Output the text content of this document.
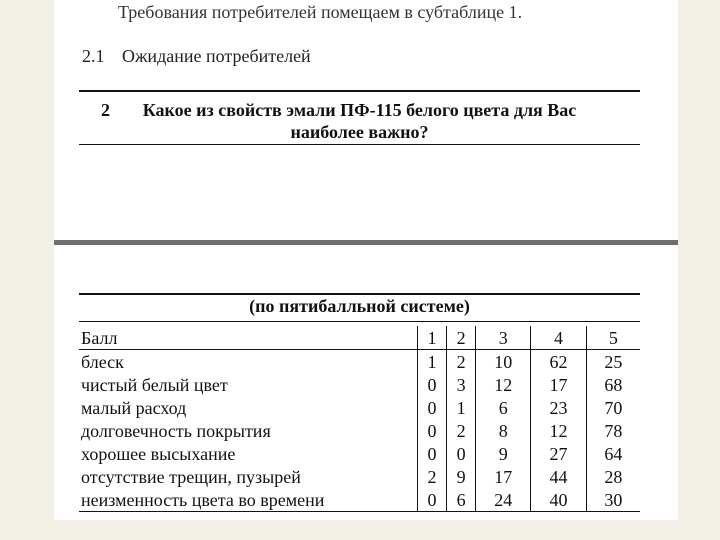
Требования потребителей помещаем в субтаблице 1.
2.1 Ожидание потребителей
2	Какое из свойств эмали ПФ-115 белого цвета для Вас
наиболее важно?
(по пятибалльной системе)
Балл	1	2	3	4	5
блеск	1	2	10	62	25
чистый белый цвет	0	3	12	17	68
малый расход	0	1	6	23	70
долговечность покрытия	0	2	8	12	78
хорошее высыхание	0	0	9	27	64
отсутствие трещин, пузырей	2	9	17	44	28
неизменность цвета во времени	0	6	24	40	30
